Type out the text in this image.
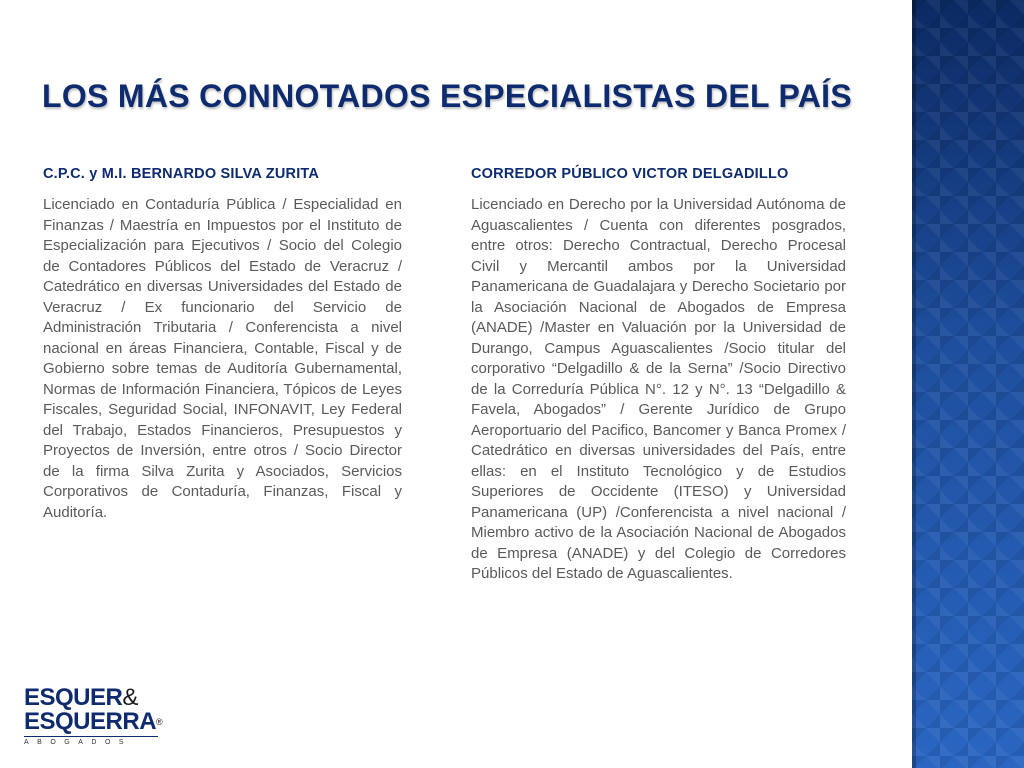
LOS MÁS CONNOTADOS ESPECIALISTAS DEL PAÍS
C.P.C. y M.I. BERNARDO SILVA ZURITA

Licenciado en Contaduría Pública / Especialidad en Finanzas / Maestría en Impuestos por el Instituto de Especialización para Ejecutivos / Socio del Colegio de Contadores Públicos del Estado de Veracruz / Catedrático en diversas Universidades del Estado de Veracruz / Ex funcionario del Servicio de Administración Tributaria / Conferencista a nivel nacional en áreas Financiera, Contable, Fiscal y de Gobierno sobre temas de Auditoría Gubernamental, Normas de Información Financiera, Tópicos de Leyes Fiscales, Seguridad Social, INFONAVIT, Ley Federal del Trabajo, Estados Financieros, Presupuestos y Proyectos de Inversión, entre otros / Socio Director de la firma Silva Zurita y Asociados, Servicios Corporativos de Contaduría, Finanzas, Fiscal y Auditoría.

CORREDOR PÚBLICO VICTOR DELGADILLO

Licenciado en Derecho por la Universidad Autónoma de Aguascalientes / Cuenta con diferentes posgrados, entre otros: Derecho Contractual, Derecho Procesal Civil y Mercantil ambos por la Universidad Panamericana de Guadalajara y Derecho Societario por la Asociación Nacional de Abogados de Empresa (ANADE) /Master en Valuación por la Universidad de Durango, Campus Aguascalientes /Socio titular del corporativo “Delgadillo & de la Serna” /Socio Directivo de la Correduría Pública N°. 12 y N°. 13 “Delgadillo & Favela, Abogados” / Gerente Jurídico de Grupo Aeroportuario del Pacifico, Bancomer y Banca Promex / Catedrático en diversas universidades del País, entre ellas: en el Instituto Tecnológico y de Estudios Superiores de Occidente (ITESO) y Universidad Panamericana (UP) /Conferencista a nivel nacional / Miembro activo de la Asociación Nacional de Abogados de Empresa (ANADE) y del Colegio de Corredores Públicos del Estado de Aguascalientes.

ESQUER&
ESQUERRA®
ABOGADOS
